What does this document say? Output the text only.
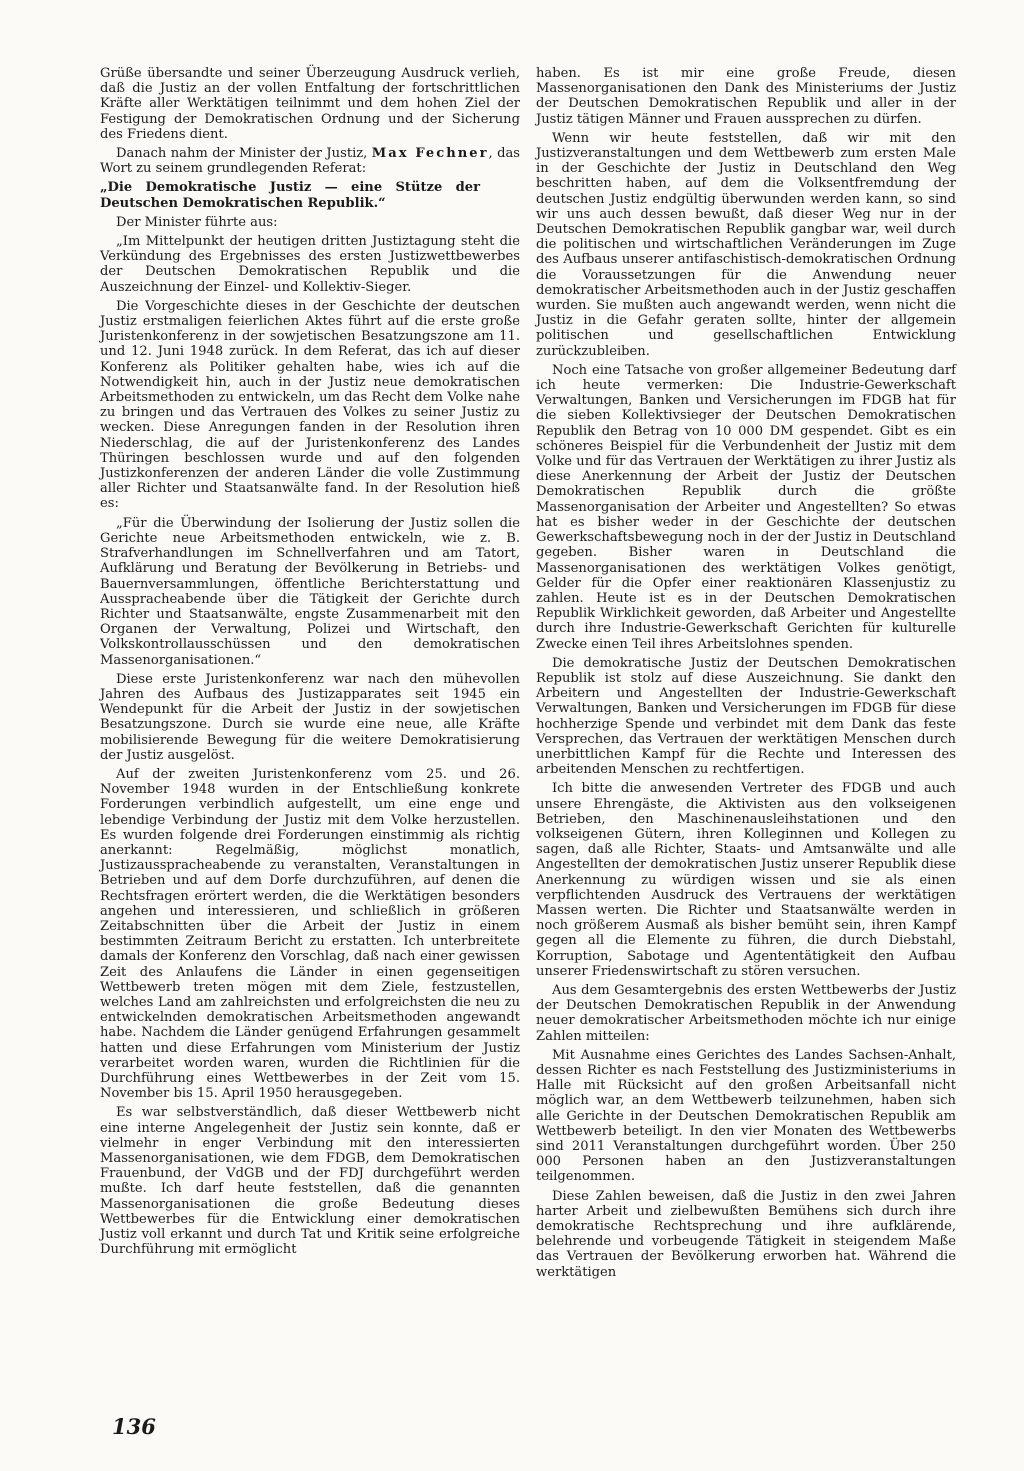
Grüße übersandte und seiner Überzeugung Ausdruck verlieh, daß die Justiz an der vollen Entfaltung der fortschrittlichen Kräfte aller Werktätigen teilnimmt und dem hohen Ziel der Festigung der Demokratischen Ordnung und der Sicherung des Friedens dient.

Danach nahm der Minister der Justiz, Max Fechner, das Wort zu seinem grundlegenden Referat:

„Die Demokratische Justiz — eine Stütze der Deutschen Demokratischen Republik.“

Der Minister führte aus:

„Im Mittelpunkt der heutigen dritten Justiztagung steht die Verkündung des Ergebnisses des ersten Justizwettbewerbes der Deutschen Demokratischen Republik und die Auszeichnung der Einzel- und Kollektiv-Sieger.

Die Vorgeschichte dieses in der Geschichte der deutschen Justiz erstmaligen feierlichen Aktes führt auf die erste große Juristenkonferenz in der sowjetischen Besatzungszone am 11. und 12. Juni 1948 zurück. In dem Referat, das ich auf dieser Konferenz als Politiker gehalten habe, wies ich auf die Notwendigkeit hin, auch in der Justiz neue demokratischen Arbeitsmethoden zu entwickeln, um das Recht dem Volke nahe zu bringen und das Vertrauen des Volkes zu seiner Justiz zu wecken. Diese Anregungen fanden in der Resolution ihren Niederschlag, die auf der Juristenkonferenz des Landes Thüringen beschlossen wurde und auf den folgenden Justizkonferenzen der anderen Länder die volle Zustimmung aller Richter und Staatsanwälte fand. In der Resolution hieß es:

„Für die Überwindung der Isolierung der Justiz sollen die Gerichte neue Arbeitsmethoden entwickeln, wie z. B. Strafverhandlungen im Schnellverfahren und am Tatort, Aufklärung und Beratung der Bevölkerung in Betriebs- und Bauernversammlungen, öffentliche Berichterstattung und Ausspracheabende über die Tätigkeit der Gerichte durch Richter und Staatsanwälte, engste Zusammenarbeit mit den Organen der Verwaltung, Polizei und Wirtschaft, den Volkskontrollausschüssen und den demokratischen Massenorganisationen.“

Diese erste Juristenkonferenz war nach den mühevollen Jahren des Aufbaus des Justizapparates seit 1945 ein Wendepunkt für die Arbeit der Justiz in der sowjetischen Besatzungszone. Durch sie wurde eine neue, alle Kräfte mobilisierende Bewegung für die weitere Demokratisierung der Justiz ausgelöst.

Auf der zweiten Juristenkonferenz vom 25. und 26. November 1948 wurden in der Entschließung konkrete Forderungen verbindlich aufgestellt, um eine enge und lebendige Verbindung der Justiz mit dem Volke herzustellen. Es wurden folgende drei Forderungen einstimmig als richtig anerkannt: Regelmäßig, möglichst monatlich, Justizaussprachеabende zu veranstalten, Veranstaltungen in Betrieben und auf dem Dorfe durchzuführen, auf denen die Rechtsfragen erörtert werden, die die Werktätigen besonders angehen und interessieren, und schließlich in größeren Zeitabschnitten über die Arbeit der Justiz in einem bestimmten Zeitraum Bericht zu erstatten. Ich unterbreitete damals der Konferenz den Vorschlag, daß nach einer gewissen Zeit des Anlaufens die Länder in einen gegenseitigen Wettbewerb treten mögen mit dem Ziele, festzustellen, welches Land am zahlreichsten und erfolgreichsten die neu zu entwickelnden demokratischen Arbeitsmethoden angewandt habe. Nachdem die Länder genügend Erfahrungen gesammelt hatten und diese Erfahrungen vom Ministerium der Justiz verarbeitet worden waren, wurden die Richtlinien für die Durchführung eines Wettbewerbes in der Zeit vom 15. November bis 15. April 1950 herausgegeben.

Es war selbstverständlich, daß dieser Wettbewerb nicht eine interne Angelegenheit der Justiz sein konnte, daß er vielmehr in enger Verbindung mit den interessierten Massenorganisationen, wie dem FDGB, dem Demokratischen Frauenbund, der VdGB und der FDJ durchgeführt werden mußte. Ich darf heute feststellen, daß die genannten Massenorganisationen die große Bedeutung dieses Wettbewerbes für die Entwicklung einer demokratischen Justiz voll erkannt und durch Tat und Kritik seine erfolgreiche Durchführung mit ermöglicht

haben. Es ist mir eine große Freude, diesen Massenorganisationen den Dank des Ministeriums der Justiz der Deutschen Demokratischen Republik und aller in der Justiz tätigen Männer und Frauen aussprechen zu dürfen.

Wenn wir heute feststellen, daß wir mit den Justizveranstaltungen und dem Wettbewerb zum ersten Male in der Geschichte der Justiz in Deutschland den Weg beschritten haben, auf dem die Volksentfremdung der deutschen Justiz endgültig überwunden werden kann, so sind wir uns auch dessen bewußt, daß dieser Weg nur in der Deutschen Demokratischen Republik gangbar war, weil durch die politischen und wirtschaftlichen Veränderungen im Zuge des Aufbaus unserer antifaschistisch-demokratischen Ordnung die Voraussetzungen für die Anwendung neuer demokratischer Arbeitsmethoden auch in der Justiz geschaffen wurden. Sie mußten auch angewandt werden, wenn nicht die Justiz in die Gefahr geraten sollte, hinter der allgemein politischen und gesellschaftlichen Entwicklung zurückzubleiben.

Noch eine Tatsache von großer allgemeiner Bedeutung darf ich heute vermerken: Die Industrie-Gewerkschaft Verwaltungen, Banken und Versicherungen im FDGB hat für die sieben Kollektivsieger der Deutschen Demokratischen Republik den Betrag von 10 000 DM gespendet. Gibt es ein schöneres Beispiel für die Verbundenheit der Justiz mit dem Volke und für das Vertrauen der Werktätigen zu ihrer Justiz als diese Anerkennung der Arbeit der Justiz der Deutschen Demokratischen Republik durch die größte Massenorganisation der Arbeiter und Angestellten? So etwas hat es bisher weder in der Geschichte der deutschen Gewerkschaftsbewegung noch in der der Justiz in Deutschland gegeben. Bisher waren in Deutschland die Massenorganisationen des werktätigen Volkes genötigt, Gelder für die Opfer einer reaktionären Klassenjustiz zu zahlen. Heute ist es in der Deutschen Demokratischen Republik Wirklichkeit geworden, daß Arbeiter und Angestellte durch ihre Industrie-Gewerkschaft Gerichten für kulturelle Zwecke einen Teil ihres Arbeitslohnes spenden.

Die demokratische Justiz der Deutschen Demokratischen Republik ist stolz auf diese Auszeichnung. Sie dankt den Arbeitern und Angestellten der Industrie-Gewerkschaft Verwaltungen, Banken und Versicherungen im FDGB für diese hochherzige Spende und verbindet mit dem Dank das feste Versprechen, das Vertrauen der werktätigen Menschen durch unerbittlichen Kampf für die Rechte und Interessen des arbeitenden Menschen zu rechtfertigen.

Ich bitte die anwesenden Vertreter des FDGB und auch unsere Ehrengäste, die Aktivisten aus den volkseigenen Betrieben, den Maschinenausleihstationen und den volkseigenen Gütern, ihren Kolleginnen und Kollegen zu sagen, daß alle Richter, Staats- und Amtsanwälte und alle Angestellten der demokratischen Justiz unserer Republik diese Anerkennung zu würdigen wissen und sie als einen verpflichtenden Ausdruck des Vertrauens der werktätigen Massen werten. Die Richter und Staatsanwälte werden in noch größerem Ausmaß als bisher bemüht sein, ihren Kampf gegen all die Elemente zu führen, die durch Diebstahl, Korruption, Sabotage und Agententätigkeit den Aufbau unserer Friedenswirtschaft zu stören versuchen.

Aus dem Gesamtergebnis des ersten Wettbewerbs der Justiz der Deutschen Demokratischen Republik in der Anwendung neuer demokratischer Arbeitsmethoden möchte ich nur einige Zahlen mitteilen:

Mit Ausnahme eines Gerichtes des Landes Sachsen-Anhalt, dessen Richter es nach Feststellung des Justizministeriums in Halle mit Rücksicht auf den großen Arbeitsanfall nicht möglich war, an dem Wettbewerb teilzunehmen, haben sich alle Gerichte in der Deutschen Demokratischen Republik am Wettbewerb beteiligt. In den vier Monaten des Wettbewerbs sind 2011 Veranstaltungen durchgeführt worden. Über 250 000 Personen haben an den Justizveranstaltungen teilgenommen.

Diese Zahlen beweisen, daß die Justiz in den zwei Jahren harter Arbeit und zielbewußten Bemühens sich durch ihre demokratische Rechtsprechung und ihre aufklärende, belehrende und vorbeugende Tätigkeit in steigendem Maße das Vertrauen der Bevölkerung erworben hat. Während die werktätigen

136
